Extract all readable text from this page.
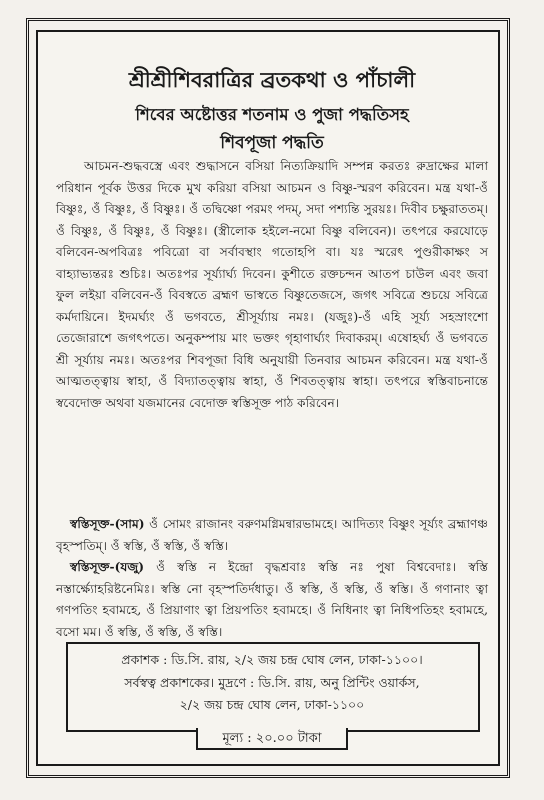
শ্রীশ্রীশিবরাত্রির ব্রতকথা ও পাঁচালী
শিবের অষ্টোত্তর শতনাম ও পুজা পদ্ধতিসহ
শিবপূজা পদ্ধতি

আচমন-শুদ্ধবস্ত্রে এবং শুদ্ধাসনে বসিয়া নিত্যক্রিয়াদি সম্পন্ন করতঃ রুদ্রাক্ষের মালা পরিধান পূর্বক উত্তর দিকে মুখ করিয়া বসিয়া আচমন ও বিষ্ণু-স্মরণ করিবেন। মন্ত্র যথা-ওঁ বিষ্ণুঃ, ওঁ বিষ্ণুঃ, ওঁ বিষ্ণুঃ। ওঁ তদ্বিষ্ণো পরমং পদম্‌, সদা পশ্যন্তি সুরয়ঃ। দিবীব চক্ষুরাততম্‌। ওঁ বিষ্ণুঃ, ওঁ বিষ্ণুঃ, ওঁ বিষ্ণুঃ। (স্ত্রীলোক হইলে-নমো বিষ্ণু বলিবেন)। তৎপরে করযোড়ে বলিবেন-অপবিত্রঃ পবিত্রো বা সর্বাবস্থাং গতোহপি বা। যঃ স্মরেৎ পুণ্ডরীকাক্ষং স বাহ্যাভ্যন্তরঃ শুচিঃ। অতঃপর সূর্য্যার্ঘ্য দিবেন। কুশীতে রক্তচন্দন আতপ চাউল এবং জবা ফুল লইয়া বলিবেন-ওঁ বিবস্বতে ব্রহ্মণ ভাস্বতে বিষ্ণুতেজসে, জগৎ সবিত্রে শুচয়ে সবিত্রে কর্মদায়িনে। ইদমর্ঘ্যং ওঁ ভগবতে, শ্রীসূর্য্যায় নমঃ। (যজুঃ)-ওঁ এহি সূর্য্য সহস্রাংশো তেজোরাশে জগৎপতে। অনুকম্পায় মাং ভক্তং গৃহাণার্ঘ্যং দিবাকরম্‌। এষোহর্ঘ্য ওঁ ভগবতে শ্রী সূর্য্যায় নমঃ। অতঃপর শিবপূজা বিধি অনুযায়ী তিনবার আচমন করিবেন। মন্ত্র যথা-ওঁ আত্মতত্ত্বায় স্বাহা, ওঁ বিদ্যাতত্ত্বায় স্বাহা, ওঁ শিবতত্ত্বায় স্বাহা। তৎপরে স্বস্তিবাচনান্তে স্ববেদোক্ত অথবা যজমানের বেদোক্ত স্বস্তিসূক্ত পাঠ করিবেন।

স্বস্তিসূক্ত-(সাম) ওঁ সোমং রাজানং বরুণমগ্নিমন্বারভামহে। আদিত্যং বিষ্ণুং সূর্য্যং ব্রহ্মাণঞ্চ বৃহস্পতিম্‌। ওঁ স্বস্তি, ওঁ স্বস্তি, ওঁ স্বস্তি।

স্বস্তিসূক্ত-(যজু) ওঁ স্বস্তি ন ইন্দ্রো বৃদ্ধশ্রবাঃ স্বস্তি নঃ পুষা বিশ্ববেদাঃ। স্বস্তি নস্তার্ক্ষ্যোহরিষ্টনেমিঃ। স্বস্তি নো বৃহস্পতির্দধাতু। ওঁ স্বস্তি, ওঁ স্বস্তি, ওঁ স্বস্তি। ওঁ গণানাং ত্বা গণপতিং হবামহে, ওঁ প্রিয়াণাং ত্বা প্রিয়পতিং হবামহে। ওঁ নিধিনাং ত্বা নিধিপতিহং হবামহে, বসো মম। ওঁ স্বস্তি, ওঁ স্বস্তি, ওঁ স্বস্তি।

প্রকাশক : ডি.সি. রায়, ২/২ জয় চন্দ্র ঘোষ লেন, ঢাকা-১১০০।
সর্বস্বত্ব প্রকাশকের। মুদ্রণে : ডি.সি. রায়, অনু প্রিন্টিং ওয়ার্কস,
২/২ জয় চন্দ্র ঘোষ লেন, ঢাকা-১১০০
মূল্য : ২০.০০ টাকা
